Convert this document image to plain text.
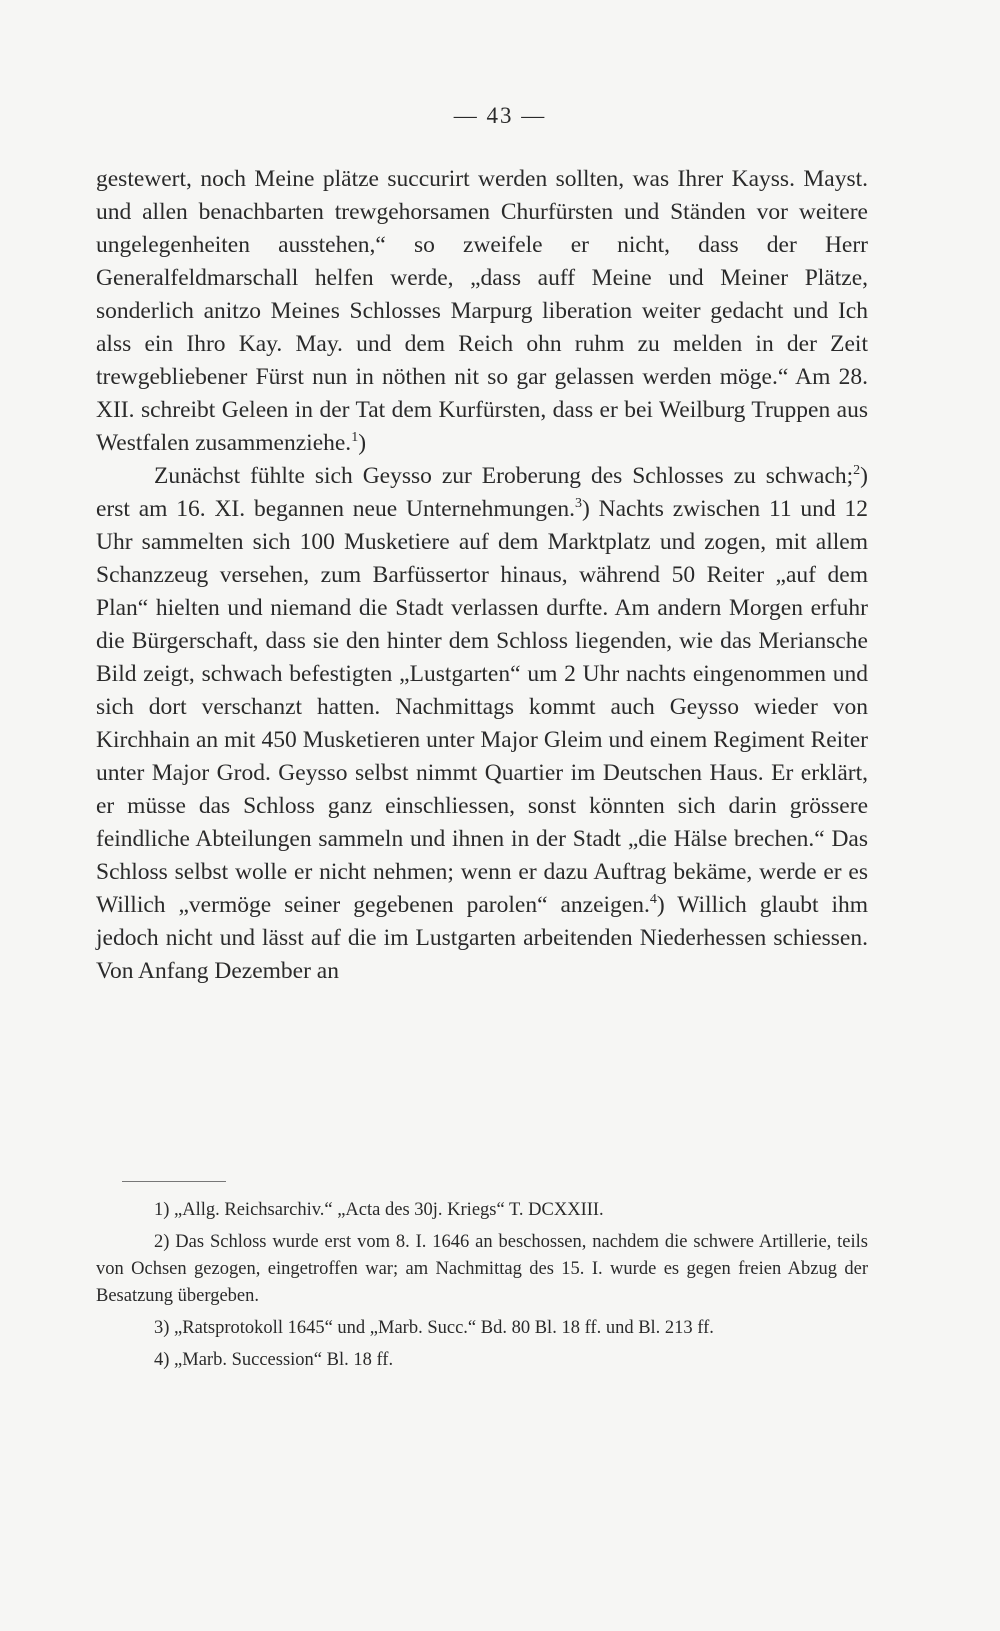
— 43 —

gestewert, noch Meine plätze succurirt werden sollten, was Ihrer Kayss. Mayst. und allen benachbarten trewgehorsamen Churfürsten und Ständen vor weitere ungelegenheiten ausstehen,“ so zweifele er nicht, dass der Herr Generalfeldmarschall helfen werde, „dass auff Meine und Meiner Plätze, sonderlich anitzo Meines Schlosses Marpurg liberation weiter gedacht und Ich alss ein Ihro Kay. May. und dem Reich ohn ruhm zu melden in der Zeit trewgebliebener Fürst nun in nöthen nit so gar gelassen werden möge.“ Am 28. XII. schreibt Geleen in der Tat dem Kurfürsten, dass er bei Weilburg Truppen aus Westfalen zusammenziehe.$^1$)

Zunächst fühlte sich Geysso zur Eroberung des Schlosses zu schwach;$^2$) erst am 16. XI. begannen neue Unternehmungen.$^3$) Nachts zwischen 11 und 12 Uhr sammelten sich 100 Musketiere auf dem Marktplatz und zogen, mit allem Schanzzeug versehen, zum Barfüssertor hinaus, während 50 Reiter „auf dem Plan“ hielten und niemand die Stadt verlassen durfte. Am andern Morgen erfuhr die Bürgerschaft, dass sie den hinter dem Schloss liegenden, wie das Meriansche Bild zeigt, schwach befestigten „Lustgarten“ um 2 Uhr nachts eingenommen und sich dort verschanzt hatten. Nachmittags kommt auch Geysso wieder von Kirchhain an mit 450 Musketieren unter Major Gleim und einem Regiment Reiter unter Major Grod. Geysso selbst nimmt Quartier im Deutschen Haus. Er erklärt, er müsse das Schloss ganz einschliessen, sonst könnten sich darin grössere feindliche Abteilungen sammeln und ihnen in der Stadt „die Hälse brechen.“ Das Schloss selbst wolle er nicht nehmen; wenn er dazu Auftrag bekäme, werde er es Willich „vermöge seiner gegebenen parolen“ anzeigen.$^4$) Willich glaubt ihm jedoch nicht und lässt auf die im Lustgarten arbeitenden Niederhessen schiessen. Von Anfang Dezember an

1) „Allg. Reichsarchiv.“ „Acta des 30j. Kriegs“ T. DCXXIII.

2) Das Schloss wurde erst vom 8. I. 1646 an beschossen, nachdem die schwere Artillerie, teils von Ochsen gezogen, eingetroffen war; am Nachmittag des 15. I. wurde es gegen freien Abzug der Besatzung übergeben.

3) „Ratsprotokoll 1645“ und „Marb. Succ.“ Bd. 80 Bl. 18 ff. und Bl. 213 ff.

4) „Marb. Succession“ Bl. 18 ff.
